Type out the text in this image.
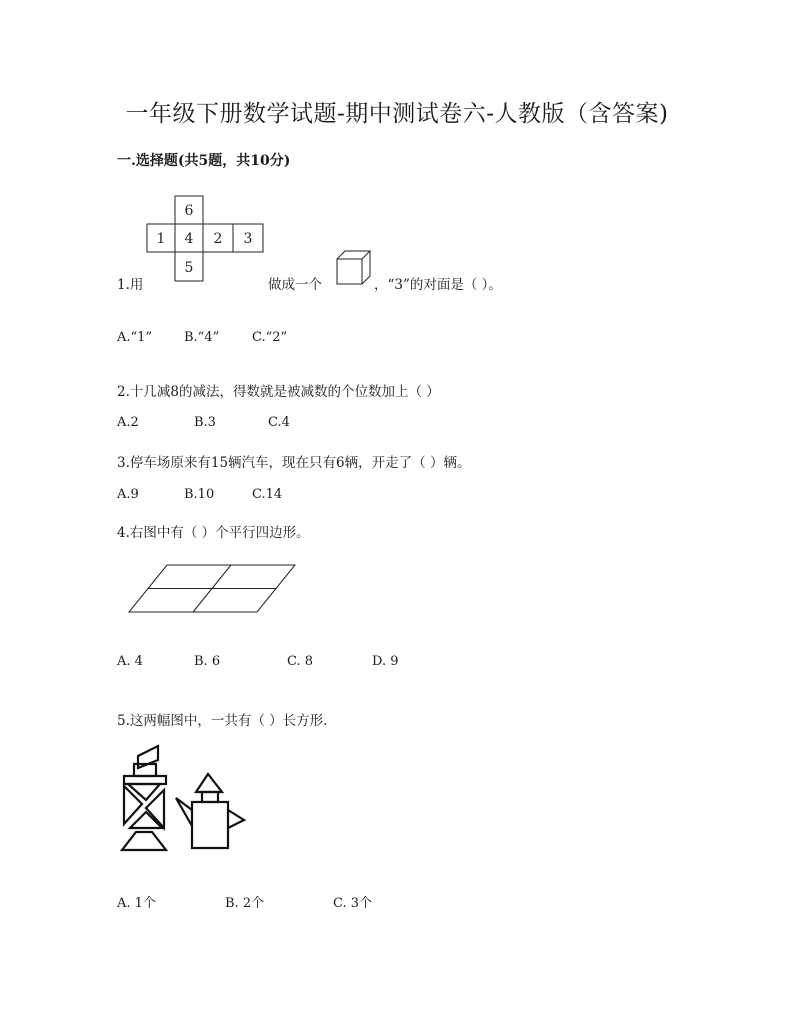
一年级下册数学试题-期中测试卷六-人教版（含答案)
一.选择题(共5题，共10分)
1.用
6
1 4 2 3
5
做成一个	，“3”的对面是（ ）。
A.“1” B.“4”	C.“2”
2.十几减8的减法，得数就是被减数的个位数加上（ ）
A.2	B.3	C.4
3.停车场原来有15辆汽车，现在只有6辆，开走了（ ）辆。
A.9	B.10	C.14
4.右图中有（ ）个平行四边形。
A. 4	B. 6	C. 8	D. 9
5.这两幅图中，一共有（ ）长方形.
A. 1个	B. 2个	C. 3个
